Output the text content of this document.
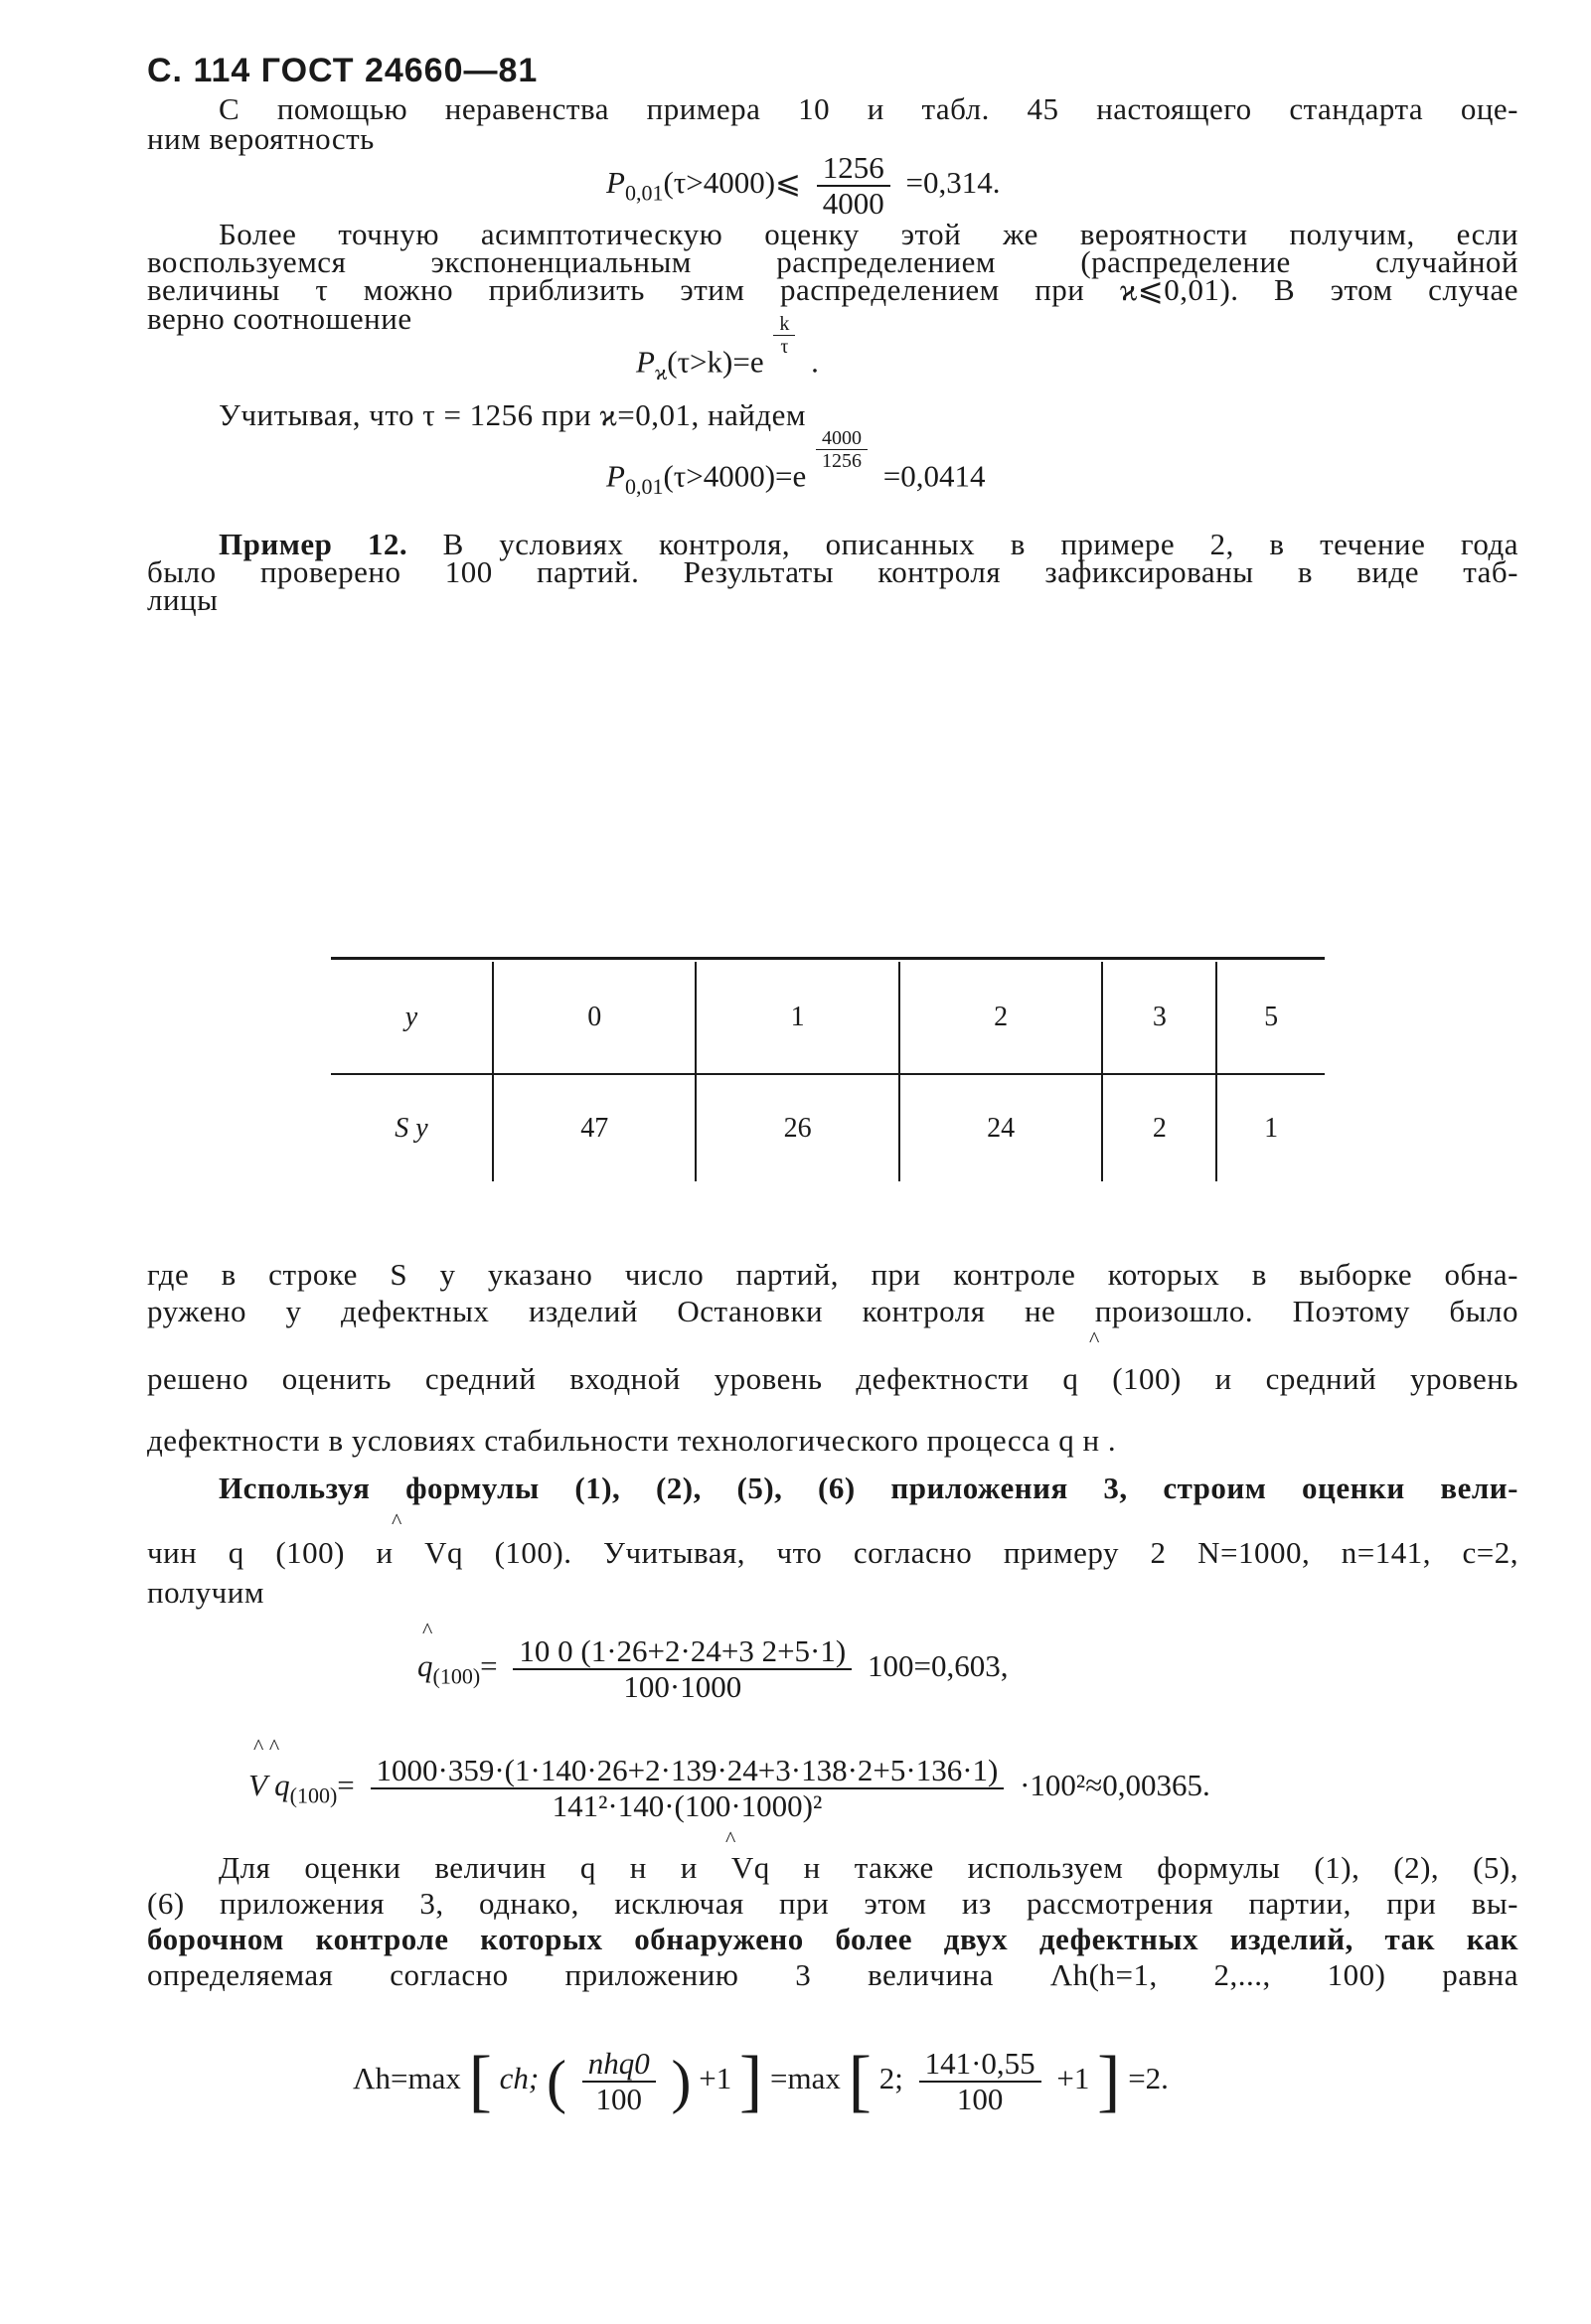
С. 114 ГОСТ 24660—81
С помощью неравенства примера 10 и табл. 45 настоящего стандарта оце-
ним вероятность
$P_{0,01}(\tau>4000)⩽ \frac{1256}{4000} =0,314$.
Более точную асимптотическую оценку этой же вероятности получим, если
воспользуемся экспоненциальным распределением (распределение случайной
величины τ можно приблизить этим распределением при ϰ⩽0,01). В этом случае
верно соотношение
$P_ϰ(\tau>k)=e$
$\frac{k}{\tau}$
.
Учитывая, что τ = 1256 при ϰ=0,01, найдем
$P_{0,01}(\tau>4000)=e$
$\frac{4000}{1256}$
=0,0414
Пример 12. В условиях контроля, описанных в примере 2, в течение года
было проверено 100 партий. Результаты контроля зафиксированы в виде таб-
лицы
y	0	1	2	3	5
S y	47	26	24	2	1
где в строке S y указано число партий, при контроле которых в выборке обна-
ружено y дефектных изделий Остановки контроля не произошло. Поэтому было
^
решено оценить средний входной уровень дефектности q (100) и средний уровень
дефектности в условиях стабильности технологического процесса q н .
Используя формулы (1), (2), (5), (6) приложения 3, строим оценки вели-
^
чин q (100) и Vq (100). Учитывая, что согласно примеру 2 N=1000, n=141, c=2,
получим
^
$q_{(100)}= \frac{10 0 (1\cdot 26+2\cdot 24+3 2+5\cdot 1)}{100\cdot 1000} 100=0,603$,
^ ^
V $q_{(100)}= \frac{1000\cdot 359\cdot(1\cdot 140\cdot 26+2\cdot 139\cdot 24+3\cdot 138\cdot 2+5\cdot 136\cdot 1)}{\text{141²·140·(100·1000)²}} \cdot 100^2\approx 0,00365$.
^
Для оценки величин q н и Vq н также используем формулы (1), (2), (5),
(6) приложения 3, однако, исключая при этом из рассмотрения партии, при вы-
борочном контроле которых обнаружено более двух дефектных изделий, так как
определяемая согласно приложению 3 величина Λh(h=1, 2,..., 100) равна
Λh=max [ ch; ( $\frac{\text{nhq0}}{100}$ ) +1 ] =max [ 2; $\frac{141\cdot 0,55}{100} +1$ ] =2.
